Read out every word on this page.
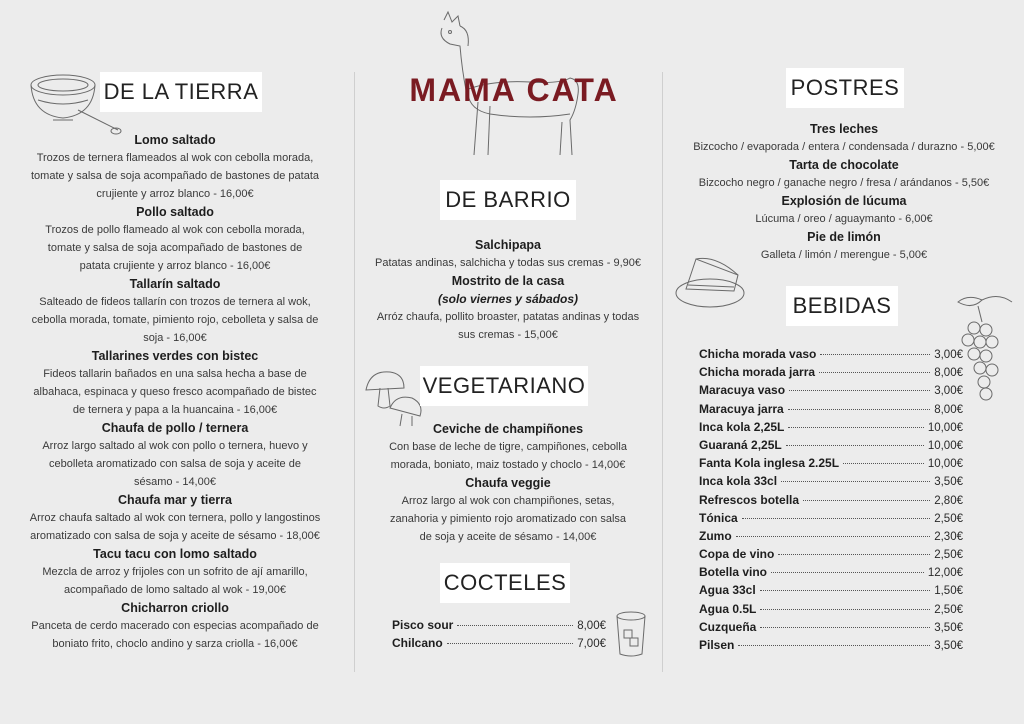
DE LA TIERRA
Lomo saltado
Trozos de ternera flameados al wok con cebolla morada,
tomate y salsa de soja acompañado de bastones de patata
crujiente y arroz blanco - 16,00€
Pollo saltado
Trozos de pollo flameado al wok con cebolla morada,
tomate y salsa de soja acompañado de bastones de
patata crujiente y arroz blanco - 16,00€
Tallarín saltado
Salteado de fideos tallarín con trozos de ternera al wok,
cebolla morada, tomate, pimiento rojo, cebolleta y salsa de
soja - 16,00€
Tallarines verdes con bistec
Fideos tallarin bañados en una salsa hecha a base de
albahaca, espinaca y queso fresco acompañado de bistec
de ternera y papa a la huancaina - 16,00€
Chaufa de pollo / ternera
Arroz largo saltado al wok con pollo o ternera, huevo y
cebolleta aromatizado con salsa de soja y aceite de
sésamo - 14,00€
Chaufa mar y tierra
Arroz chaufa saltado al wok con ternera, pollo y langostinos
aromatizado con salsa de soja y aceite de sésamo - 18,00€
Tacu tacu con lomo saltado
Mezcla de arroz y frijoles con un sofrito de ají amarillo,
acompañado de lomo saltado al wok - 19,00€
Chicharron criollo
Panceta de cerdo macerado con especias acompañado de
boniato frito, choclo andino y sarza criolla - 16,00€
MAMA CATA
DE BARRIO
Salchipapa
Patatas andinas, salchicha y todas sus cremas - 9,90€
Mostrito de la casa
(solo viernes y sábados)
Arróz chaufa, pollito broaster, patatas andinas y todas
sus cremas - 15,00€
VEGETARIANO
Ceviche de champiñones
Con base de leche de tigre, campiñones, cebolla
morada, boniato, maiz tostado y choclo - 14,00€
Chaufa veggie
Arroz largo al wok con champiñones, setas,
zanahoria y pimiento rojo aromatizado con salsa
de soja y aceite de sésamo - 14,00€
COCTELES
Pisco sour	8,00€
Chilcano	7,00€
POSTRES
Tres leches
Bizcocho / evaporada / entera / condensada / durazno - 5,00€
Tarta de chocolate
Bizcocho negro / ganache negro / fresa / arándanos - 5,50€
Explosión de lúcuma
Lúcuma / oreo / aguaymanto - 6,00€
Pie de limón
Galleta / limón / merengue - 5,00€
BEBIDAS
Chicha morada vaso	3,00€
Chicha morada jarra	8,00€
Maracuya vaso	3,00€
Maracuya jarra	8,00€
Inca kola 2,25L	10,00€
Guaraná 2,25L	10,00€
Fanta Kola inglesa 2.25L	10,00€
Inca kola 33cl	3,50€
Refrescos botella	2,80€
Tónica	2,50€
Zumo	2,30€
Copa de vino	2,50€
Botella vino	12,00€
Agua 33cl	1,50€
Agua 0.5L	2,50€
Cuzqueña	3,50€
Pilsen	3,50€
